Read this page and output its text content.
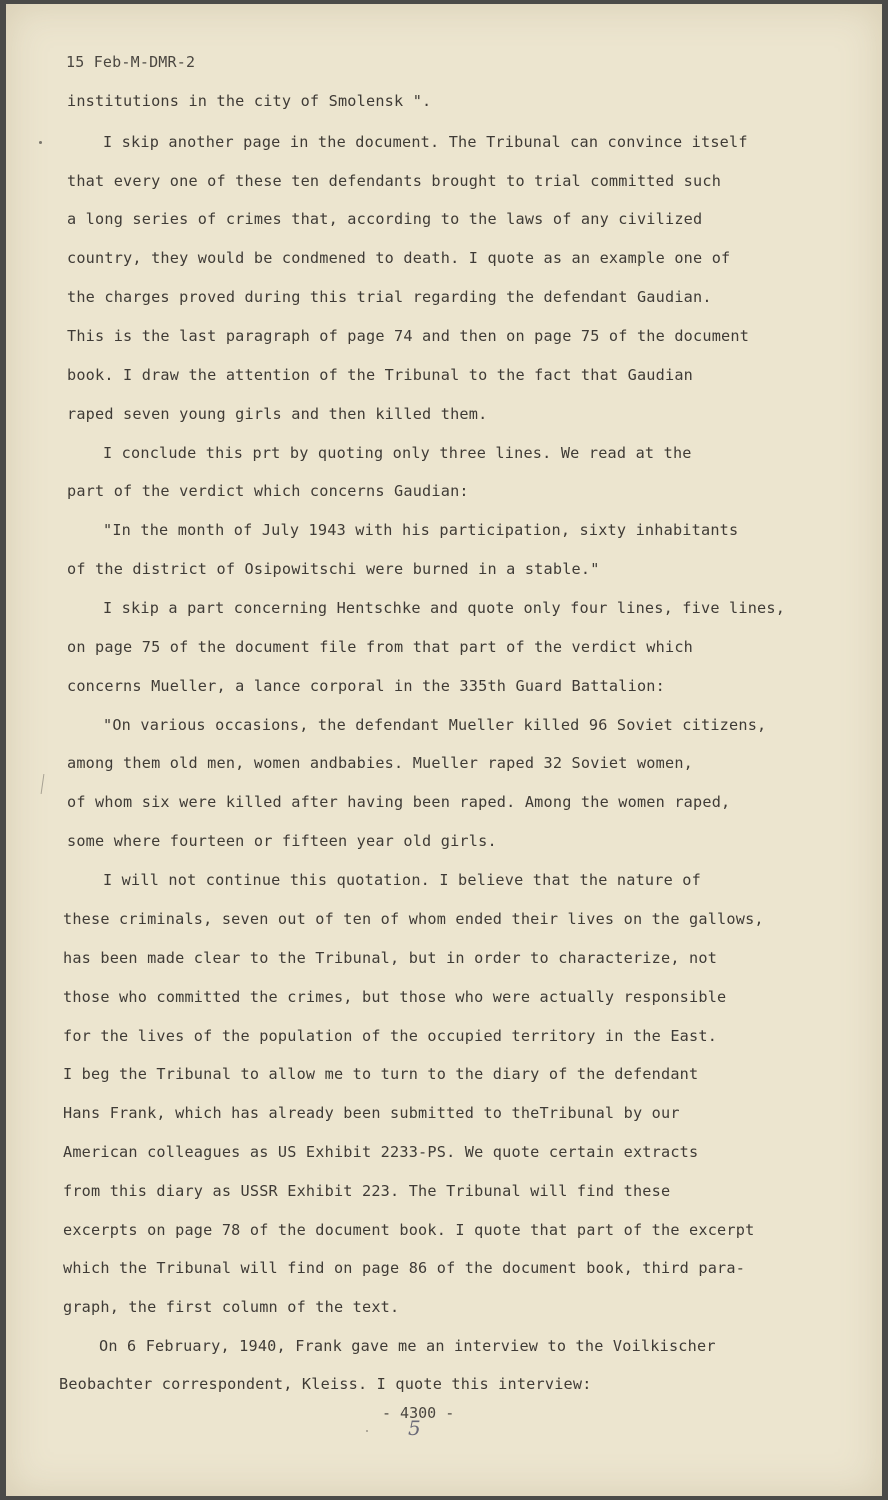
15 Feb-M-DMR-2
institutions in the city of Smolensk ".
I skip another page in the document. The Tribunal can convince itself
that every one of these ten defendants brought to trial committed such
a long series of crimes that, according to the laws of any civilized
country, they would be condmened to death. I quote as an example one of
the charges proved during this trial regarding the defendant Gaudian.
This is the last paragraph of page 74 and then on page 75 of the document
book. I draw the attention of the Tribunal to the fact that Gaudian
raped seven young girls and then killed them.
I conclude this prt by quoting only three lines. We read at the
part of the verdict which concerns Gaudian:
"In the month of July 1943 with his participation, sixty inhabitants
of the district of Osipowitschi were burned in a stable."
I skip a part concerning Hentschke and quote only four lines, five lines,
on page 75 of the document file from that part of the verdict which
concerns Mueller, a lance corporal in the 335th Guard Battalion:
"On various occasions, the defendant Mueller killed 96 Soviet citizens,
among them old men, women andbabies. Mueller raped 32 Soviet women,
of whom six were killed after having been raped. Among the women raped,
some where fourteen or fifteen year old girls.
I will not continue this quotation. I believe that the nature of
these criminals, seven out of ten of whom ended their lives on the gallows,
has been made clear to the Tribunal, but in order to characterize, not
those who committed the crimes, but those who were actually responsible
for the lives of the population of the occupied territory in the East.
I beg the Tribunal to allow me to turn to the diary of the defendant
Hans Frank, which has already been submitted to theTribunal by our
American colleagues as US Exhibit 2233-PS. We quote certain extracts
from this diary as USSR Exhibit 223. The Tribunal will find these
excerpts on page 78 of the document book. I quote that part of the excerpt
which the Tribunal will find on page 86 of the document book, third para-
graph, the first column of the text.
On 6 February, 1940, Frank gave me an interview to the Voilkischer
Beobachter correspondent, Kleiss. I quote this interview:
- 4300 -
5
